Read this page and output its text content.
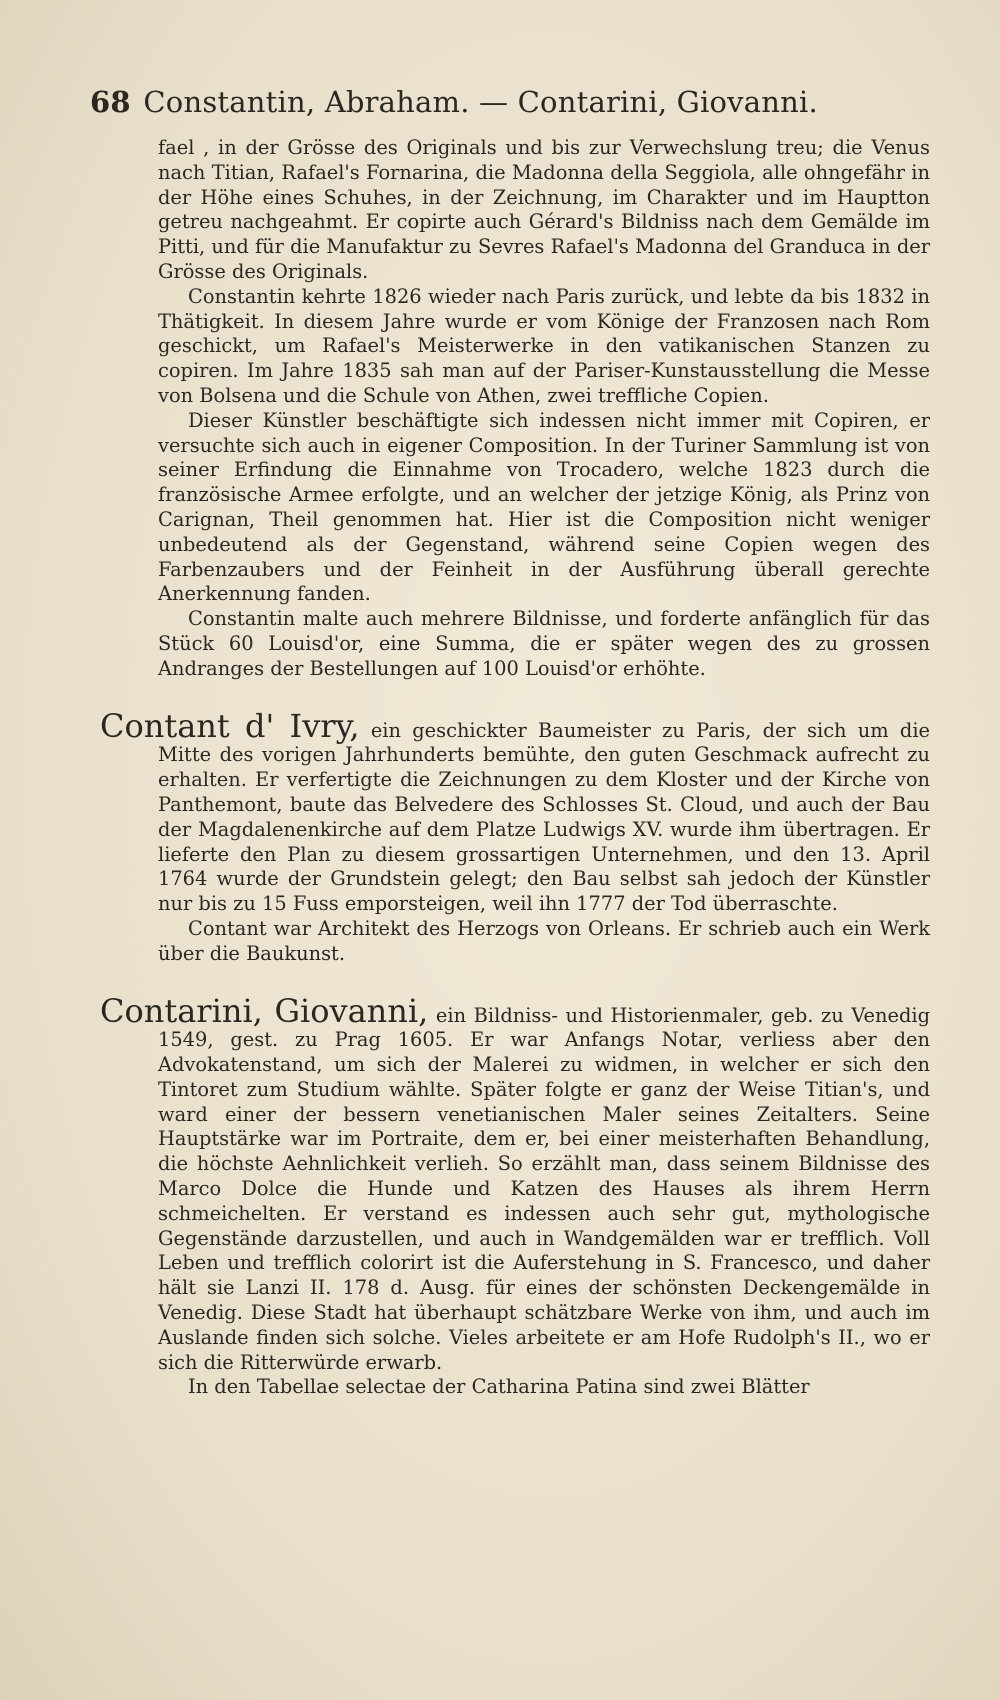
68 Constantin, Abraham. — Contarini, Giovanni.

fael , in der Grösse des Originals und bis zur Verwechslung treu; die Venus nach Titian, Rafael's Fornarina, die Madonna della Seggiola, alle ohngefähr in der Höhe eines Schuhes, in der Zeichnung, im Charakter und im Hauptton getreu nachgeahmt. Er copirte auch Gérard's Bildniss nach dem Gemälde im Pitti, und für die Manufaktur zu Sevres Rafael's Madonna del Granduca in der Grösse des Originals.

Constantin kehrte 1826 wieder nach Paris zurück, und lebte da bis 1832 in Thätigkeit. In diesem Jahre wurde er vom Könige der Franzosen nach Rom geschickt, um Rafael's Meisterwerke in den vatikanischen Stanzen zu copiren. Im Jahre 1835 sah man auf der Pariser-Kunstausstellung die Messe von Bolsena und die Schule von Athen, zwei treffliche Copien.

Dieser Künstler beschäftigte sich indessen nicht immer mit Copiren, er versuchte sich auch in eigener Composition. In der Turiner Sammlung ist von seiner Erfindung die Einnahme von Trocadero, welche 1823 durch die französische Armee erfolgte, und an welcher der jetzige König, als Prinz von Carignan, Theil genommen hat. Hier ist die Composition nicht weniger unbedeutend als der Gegenstand, während seine Copien wegen des Farbenzaubers und der Feinheit in der Ausführung überall gerechte Anerkennung fanden.

Constantin malte auch mehrere Bildnisse, und forderte anfänglich für das Stück 60 Louisd'or, eine Summa, die er später wegen des zu grossen Andranges der Bestellungen auf 100 Louisd'or erhöhte.

Contant d' Ivry, ein geschickter Baumeister zu Paris, der sich um die Mitte des vorigen Jahrhunderts bemühte, den guten Geschmack aufrecht zu erhalten. Er verfertigte die Zeichnungen zu dem Kloster und der Kirche von Panthemont, baute das Belvedere des Schlosses St. Cloud, und auch der Bau der Magdalenenkirche auf dem Platze Ludwigs XV. wurde ihm übertragen. Er lieferte den Plan zu diesem grossartigen Unternehmen, und den 13. April 1764 wurde der Grundstein gelegt; den Bau selbst sah jedoch der Künstler nur bis zu 15 Fuss emporsteigen, weil ihn 1777 der Tod überraschte.

Contant war Architekt des Herzogs von Orleans. Er schrieb auch ein Werk über die Baukunst.

Contarini, Giovanni, ein Bildniss- und Historienmaler, geb. zu Venedig 1549, gest. zu Prag 1605. Er war Anfangs Notar, verliess aber den Advokatenstand, um sich der Malerei zu widmen, in welcher er sich den Tintoret zum Studium wählte. Später folgte er ganz der Weise Titian's, und ward einer der bessern venetianischen Maler seines Zeitalters. Seine Hauptstärke war im Portraite, dem er, bei einer meisterhaften Behandlung, die höchste Aehnlichkeit verlieh. So erzählt man, dass seinem Bildnisse des Marco Dolce die Hunde und Katzen des Hauses als ihrem Herrn schmeichelten. Er verstand es indessen auch sehr gut, mythologische Gegenstände darzustellen, und auch in Wandgemälden war er trefflich. Voll Leben und trefflich colorirt ist die Auferstehung in S. Francesco, und daher hält sie Lanzi II. 178 d. Ausg. für eines der schönsten Deckengemälde in Venedig. Diese Stadt hat überhaupt schätzbare Werke von ihm, und auch im Auslande finden sich solche. Vieles arbeitete er am Hofe Rudolph's II., wo er sich die Ritterwürde erwarb.

In den Tabellae selectae der Catharina Patina sind zwei Blätter
